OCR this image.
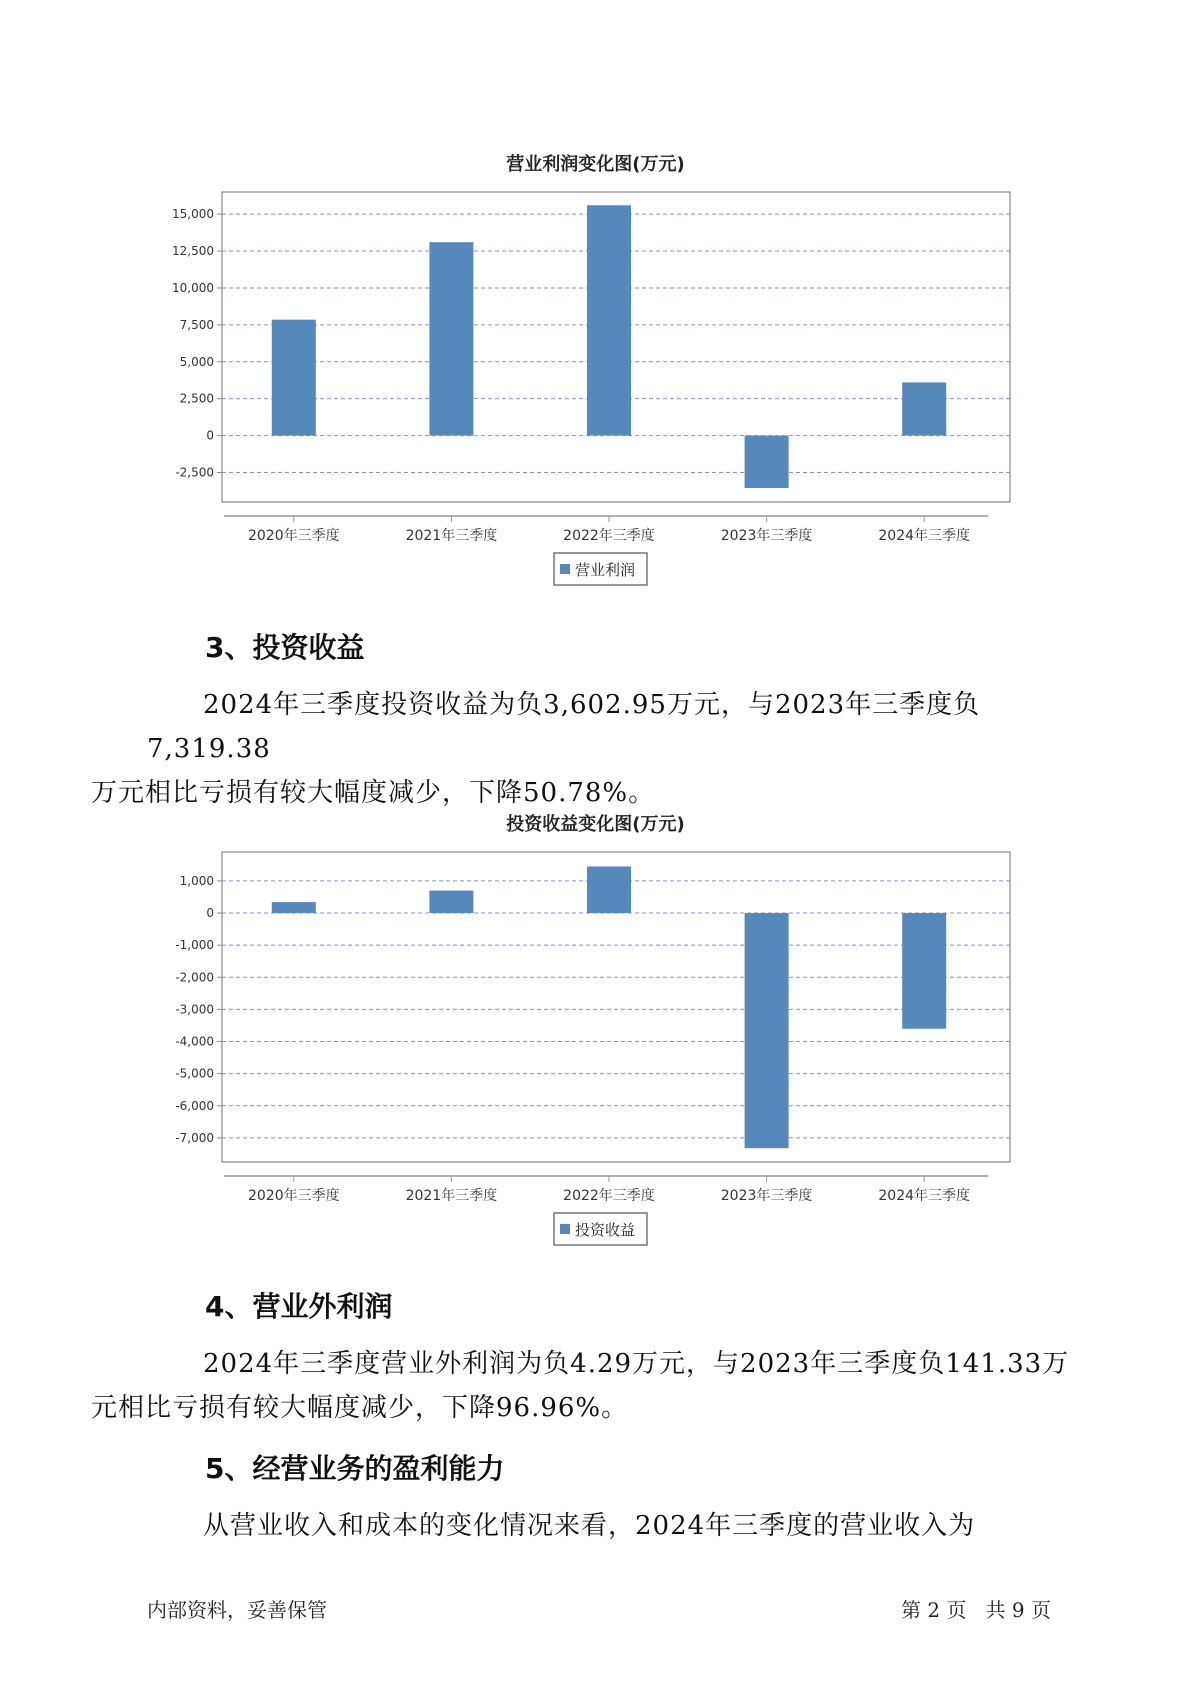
营业利润变化图(万元)
15,000
12,500
10,000
7,500
5,000
2,500
0
-2,500
2020年三季度	2021年三季度	2022年三季度	2023年三季度	2024年三季度
营业利润
3、投资收益

2024年三季度投资收益为负3,602.95万元，与2023年三季度负7,319.38
万元相比亏损有较大幅度减少，下降50.78%。

投资收益变化图(万元)
1,000
0
-1,000
-2,000
-3,000
-4,000
-5,000
-6,000
-7,000
2020年三季度	2021年三季度	2022年三季度	2023年三季度	2024年三季度
投资收益
4、营业外利润

2024年三季度营业外利润为负4.29万元，与2023年三季度负141.33万
元相比亏损有较大幅度减少，下降96.96%。

5、经营业务的盈利能力

从营业收入和成本的变化情况来看，2024年三季度的营业收入为

内部资料，妥善保管	第 2 页   共 9 页
